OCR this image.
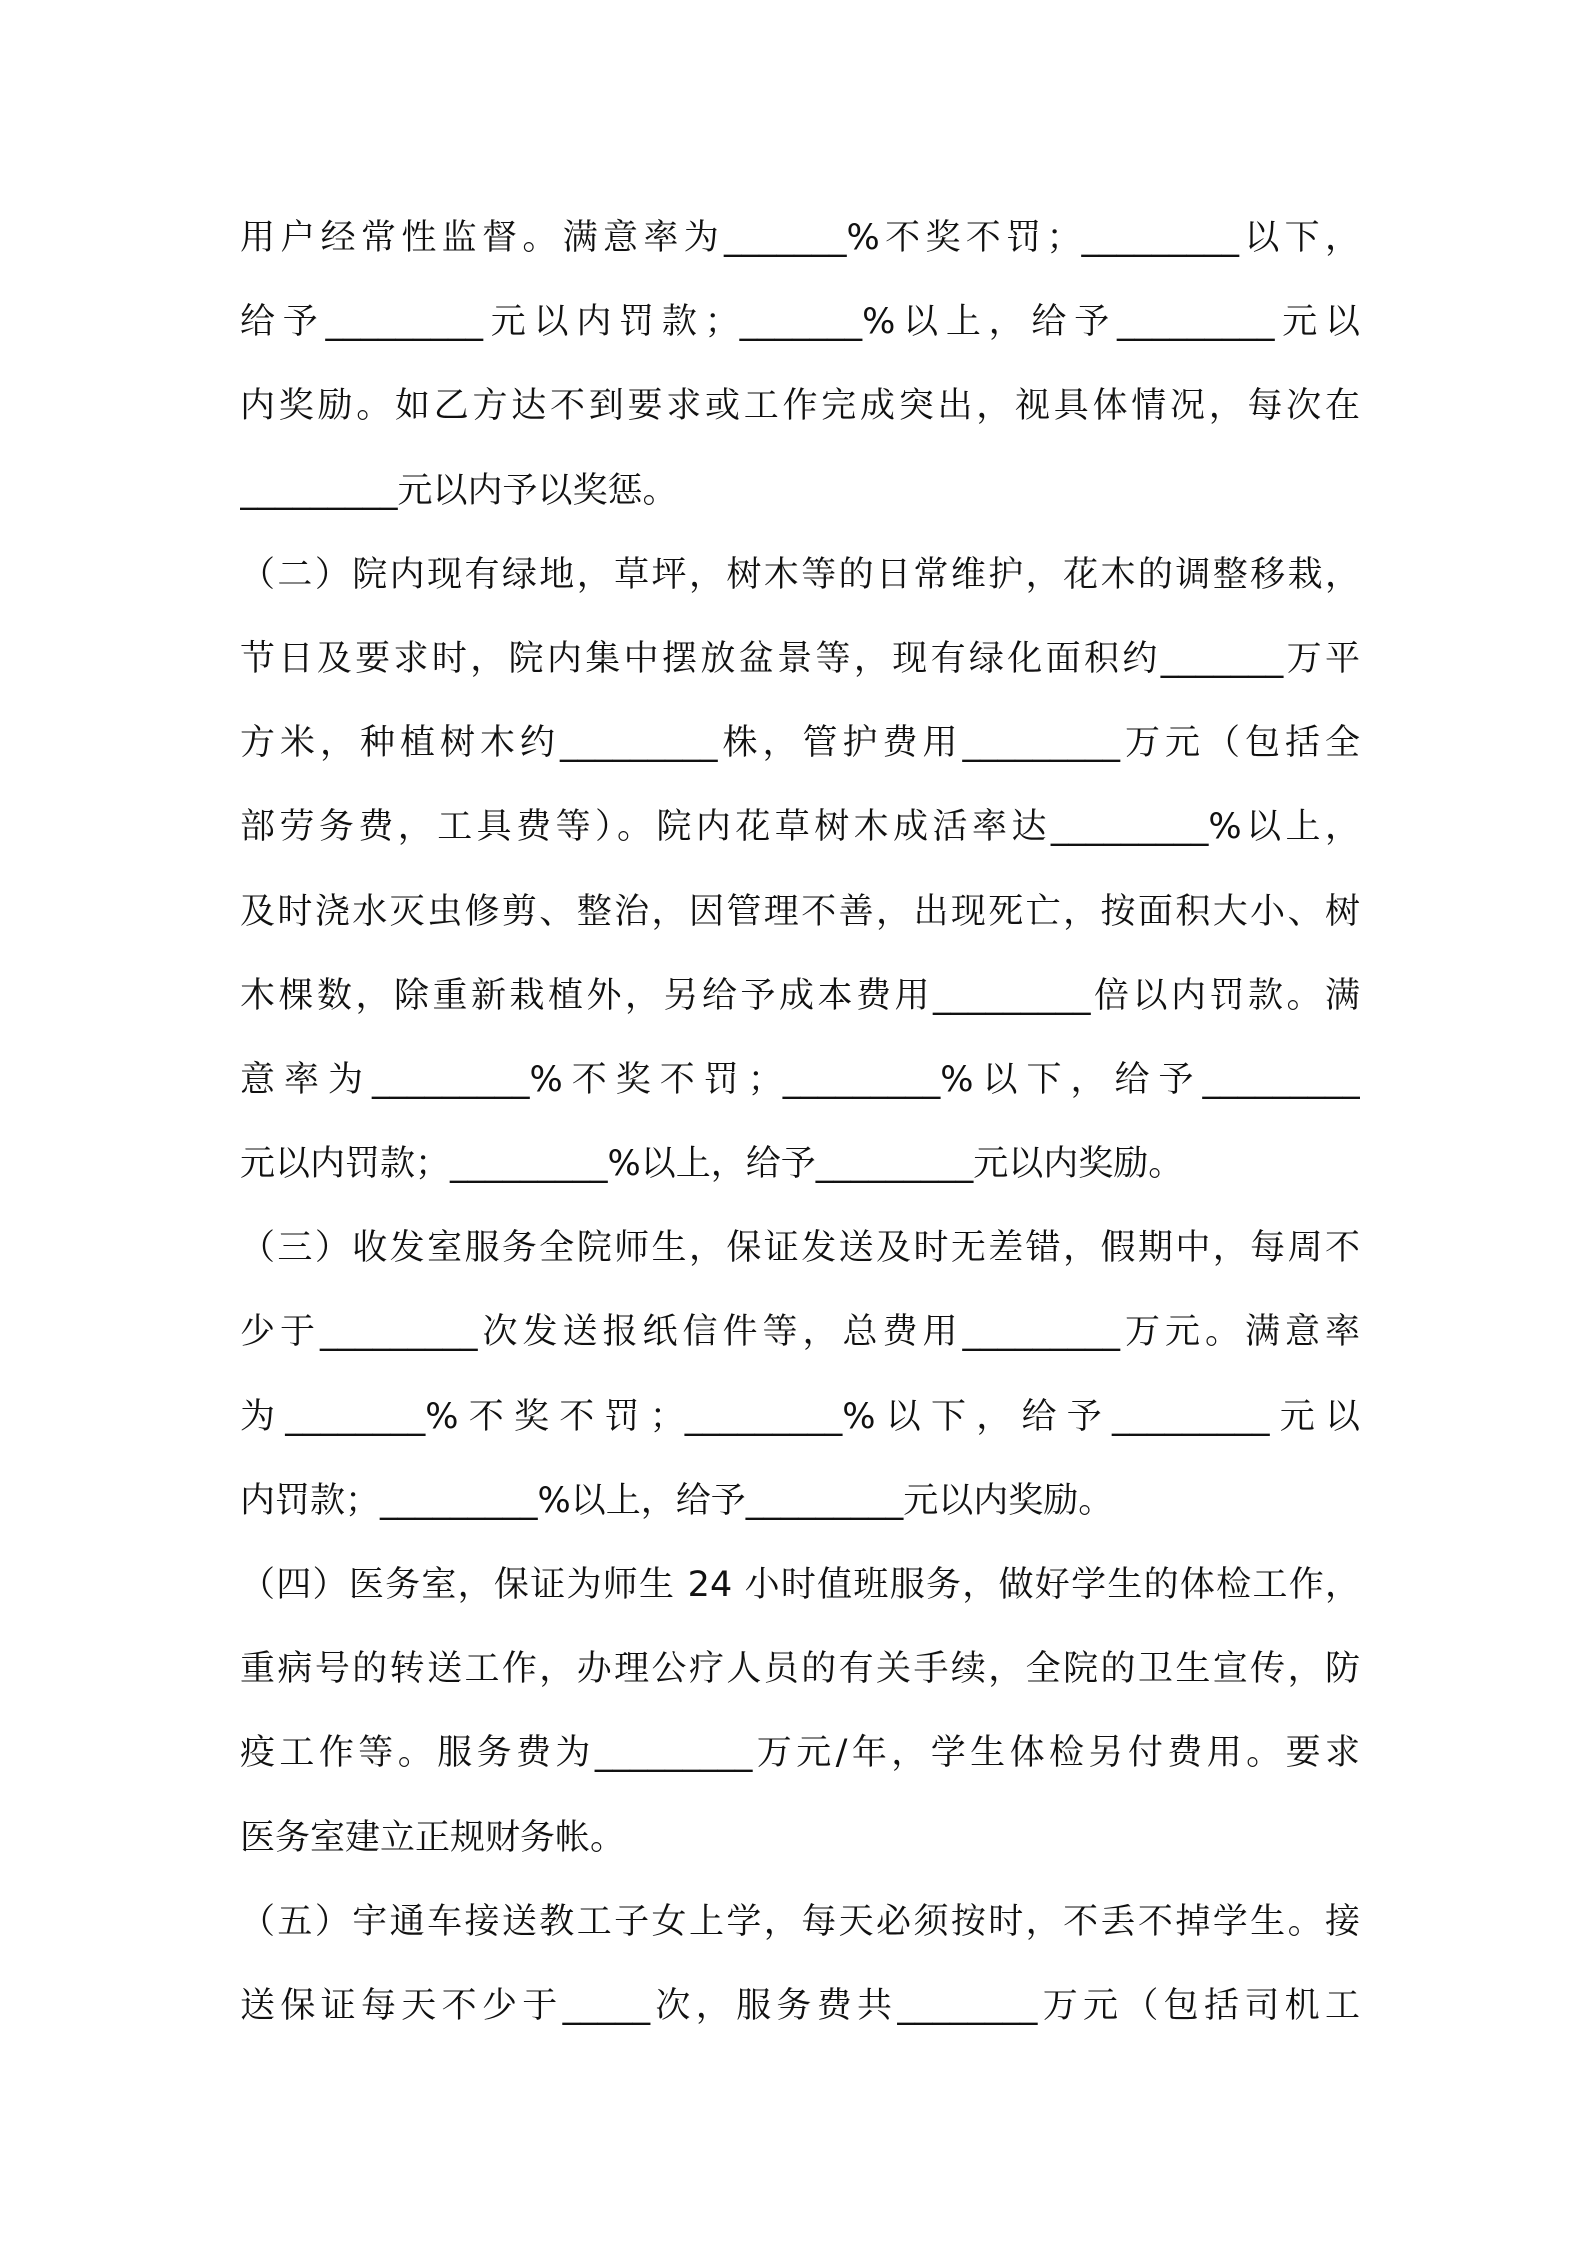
用户经常性监督。满意率为_______%不奖不罚；_________以下，
给予_________元以内罚款；_______%以上，给予_________元以
内奖励。如乙方达不到要求或工作完成突出，视具体情况，每次在
_________元以内予以奖惩。
（二）院内现有绿地，草坪，树木等的日常维护，花木的调整移栽，
节日及要求时，院内集中摆放盆景等，现有绿化面积约_______万平
方米，种植树木约_________株，管护费用_________万元（包括全
部劳务费，工具费等）。院内花草树木成活率达_________%以上，
及时浇水灭虫修剪、整治，因管理不善，出现死亡，按面积大小、树
木棵数，除重新栽植外，另给予成本费用_________倍以内罚款。满
意率为_________%不奖不罚；_________%以下，给予_________
元以内罚款；_________%以上，给予_________元以内奖励。
（三）收发室服务全院师生，保证发送及时无差错，假期中，每周不
少于_________次发送报纸信件等，总费用_________万元。满意率
为________%不奖不罚；_________%以下，给予_________元以
内罚款；_________%以上，给予_________元以内奖励。
（四）医务室，保证为师生 24 小时值班服务，做好学生的体检工作，
重病号的转送工作，办理公疗人员的有关手续，全院的卫生宣传，防
疫工作等。服务费为_________万元/年，学生体检另付费用。要求
医务室建立正规财务帐。
（五）宇通车接送教工子女上学，每天必须按时，不丢不掉学生。接
送保证每天不少于_____次，服务费共________万元（包括司机工
